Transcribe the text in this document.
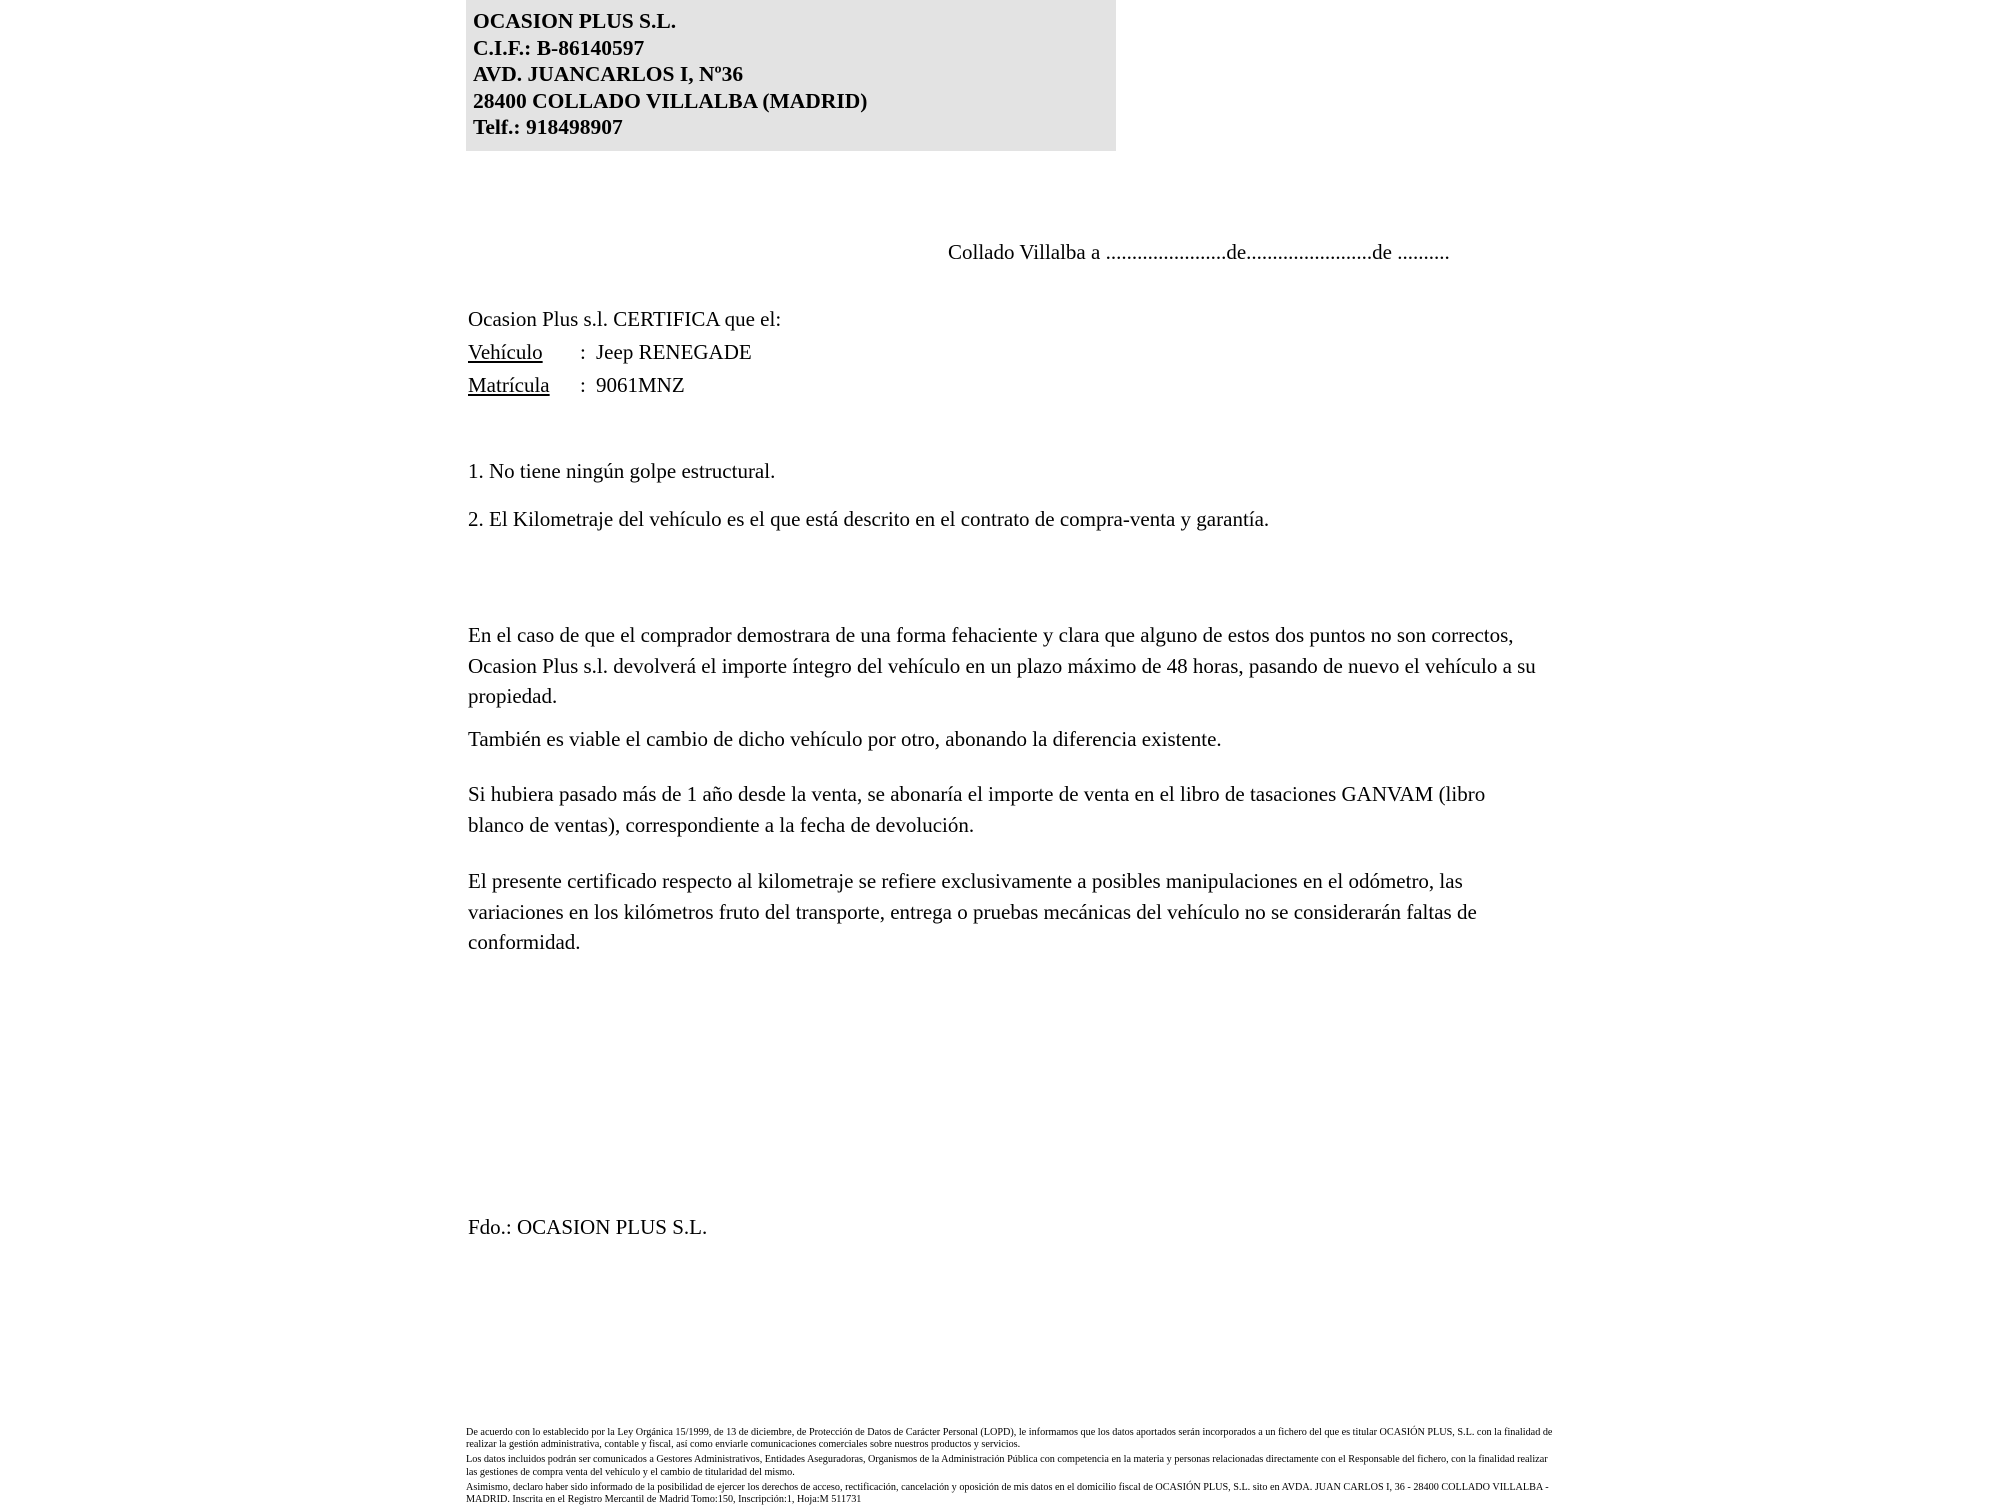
OCASION PLUS S.L.
C.I.F.: B-86140597
AVD. JUANCARLOS I, Nº36
28400 COLLADO VILLALBA (MADRID)
Telf.: 918498907
Collado Villalba a .......................de........................de ..........
Ocasion Plus s.l. CERTIFICA que el:
Vehículo : Jeep RENEGADE
Matrícula : 9061MNZ
1. No tiene ningún golpe estructural.
2. El Kilometraje del vehículo es el que está descrito en el contrato de compra-venta y garantía.
En el caso de que el comprador demostrara de una forma fehaciente y clara que alguno de estos dos puntos no son correctos, Ocasion Plus s.l. devolverá el importe íntegro del vehículo en un plazo máximo de 48 horas, pasando de nuevo el vehículo a su propiedad.
También es viable el cambio de dicho vehículo por otro, abonando la diferencia existente.
Si hubiera pasado más de 1 año desde la venta, se abonaría el importe de venta en el libro de tasaciones GANVAM (libro blanco de ventas), correspondiente a la fecha de devolución.
El presente certificado respecto al kilometraje se refiere exclusivamente a posibles manipulaciones en el odómetro, las variaciones en los kilómetros fruto del transporte, entrega o pruebas mecánicas del vehículo no se considerarán faltas de conformidad.
Fdo.: OCASION PLUS S.L.

De acuerdo con lo establecido por la Ley Orgánica 15/1999, de 13 de diciembre, de Protección de Datos de Carácter Personal (LOPD), le informamos que los datos aportados serán incorporados a un fichero del que es titular OCASIÓN PLUS, S.L. con la finalidad de realizar la gestión administrativa, contable y fiscal, así como enviarle comunicaciones comerciales sobre nuestros productos y servicios.

Los datos incluidos podrán ser comunicados a Gestores Administrativos, Entidades Aseguradoras, Organismos de la Administración Pública con competencia en la materia y personas relacionadas directamente con el Responsable del fichero, con la finalidad realizar las gestiones de compra venta del vehículo y el cambio de titularidad del mismo.

Asimismo, declaro haber sido informado de la posibilidad de ejercer los derechos de acceso, rectificación, cancelación y oposición de mis datos en el domicilio fiscal de OCASIÓN PLUS, S.L. sito en AVDA. JUAN CARLOS I, 36 - 28400 COLLADO VILLALBA - MADRID. Inscrita en el Registro Mercantil de Madrid Tomo:150, Inscripción:1, Hoja:M 511731
